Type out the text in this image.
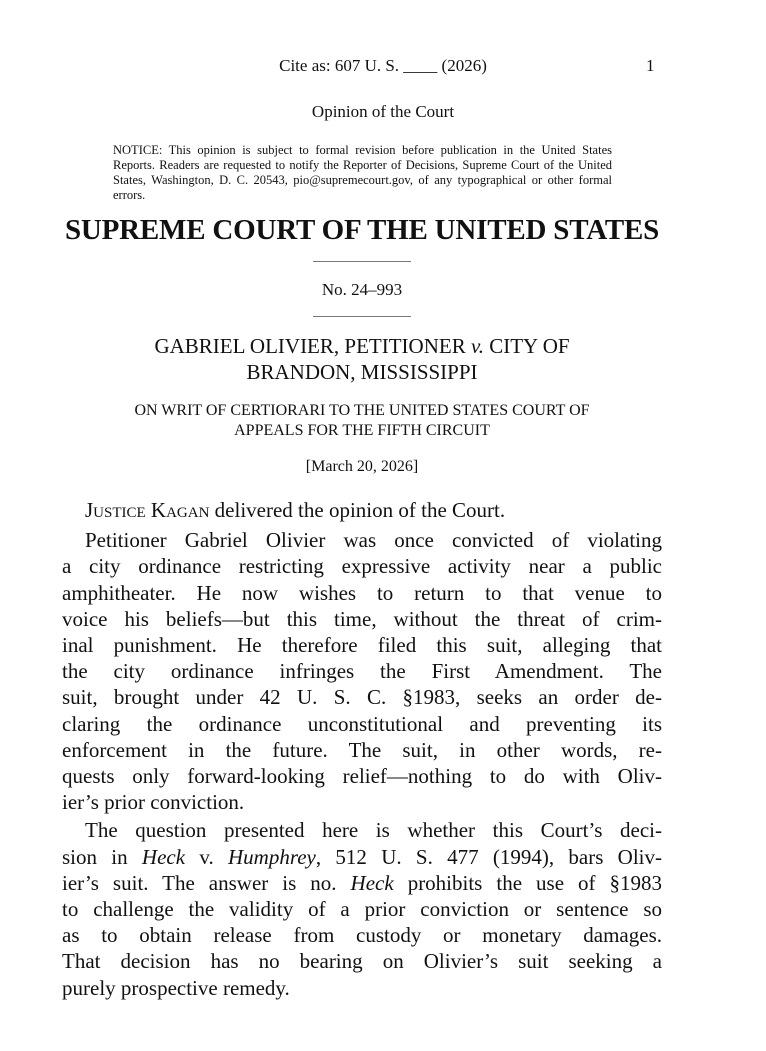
Cite as: 607 U. S. ____ (2026)	1
Opinion of the Court
NOTICE: This opinion is subject to formal revision before publication in the United States Reports. Readers are requested to notify the Reporter of Decisions, Supreme Court of the United States, Washington, D. C. 20543, pio@supremecourt.gov, of any typographical or other formal errors.
SUPREME COURT OF THE UNITED STATES
No. 24–993
GABRIEL OLIVIER, PETITIONER v. CITY OF
BRANDON, MISSISSIPPI
ON WRIT OF CERTIORARI TO THE UNITED STATES COURT OF
APPEALS FOR THE FIFTH CIRCUIT
[March 20, 2026]
Justice Kagan delivered the opinion of the Court.
Petitioner Gabriel Olivier was once convicted of violating
a city ordinance restricting expressive activity near a public
amphitheater. He now wishes to return to that venue to
voice his beliefs—but this time, without the threat of crim-
inal punishment. He therefore filed this suit, alleging that
the city ordinance infringes the First Amendment. The
suit, brought under 42 U. S. C. §1983, seeks an order de-
claring the ordinance unconstitutional and preventing its
enforcement in the future. The suit, in other words, re-
quests only forward-looking relief—nothing to do with Oliv-
ier’s prior conviction.
The question presented here is whether this Court’s deci-
sion in Heck v. Humphrey, 512 U. S. 477 (1994), bars Oliv-
ier’s suit. The answer is no. Heck prohibits the use of §1983
to challenge the validity of a prior conviction or sentence so
as to obtain release from custody or monetary damages.
That decision has no bearing on Olivier’s suit seeking a
purely prospective remedy.
